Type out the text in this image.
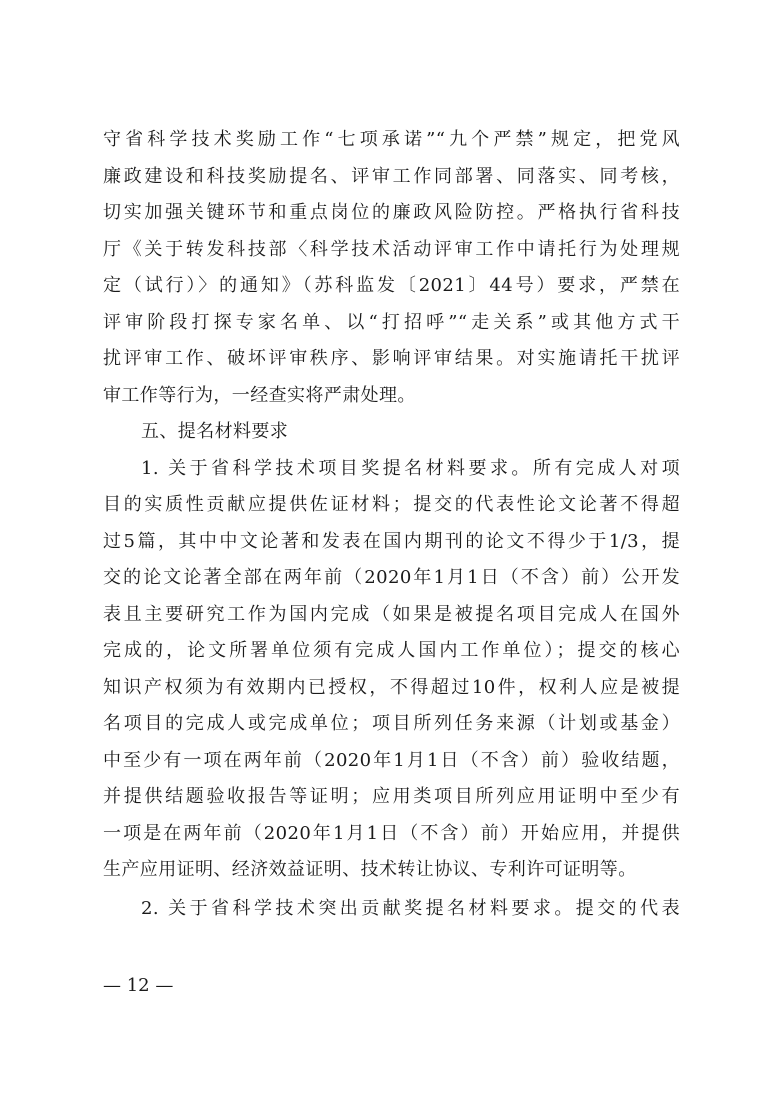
守省科学技术奖励工作“七项承诺”“九个严禁”规定，把党风
廉政建设和科技奖励提名、评审工作同部署、同落实、同考核，
切实加强关键环节和重点岗位的廉政风险防控。严格执行省科技
厅《关于转发科技部〈科学技术活动评审工作中请托行为处理规
定（试行）〉的通知》（苏科监发〔2021〕44号）要求，严禁在
评审阶段打探专家名单、以“打招呼”“走关系”或其他方式干
扰评审工作、破坏评审秩序、影响评审结果。对实施请托干扰评
审工作等行为，一经查实将严肃处理。
五、提名材料要求
1. 关于省科学技术项目奖提名材料要求。所有完成人对项
目的实质性贡献应提供佐证材料；提交的代表性论文论著不得超
过5篇，其中中文论著和发表在国内期刊的论文不得少于1/3，提
交的论文论著全部在两年前（2020年1月1日（不含）前）公开发
表且主要研究工作为国内完成（如果是被提名项目完成人在国外
完成的，论文所署单位须有完成人国内工作单位）；提交的核心
知识产权须为有效期内已授权，不得超过10件，权利人应是被提
名项目的完成人或完成单位；项目所列任务来源（计划或基金）
中至少有一项在两年前（2020年1月1日（不含）前）验收结题，
并提供结题验收报告等证明；应用类项目所列应用证明中至少有
一项是在两年前（2020年1月1日（不含）前）开始应用，并提供
生产应用证明、经济效益证明、技术转让协议、专利许可证明等。
2. 关于省科学技术突出贡献奖提名材料要求。提交的代表
— 12 —
